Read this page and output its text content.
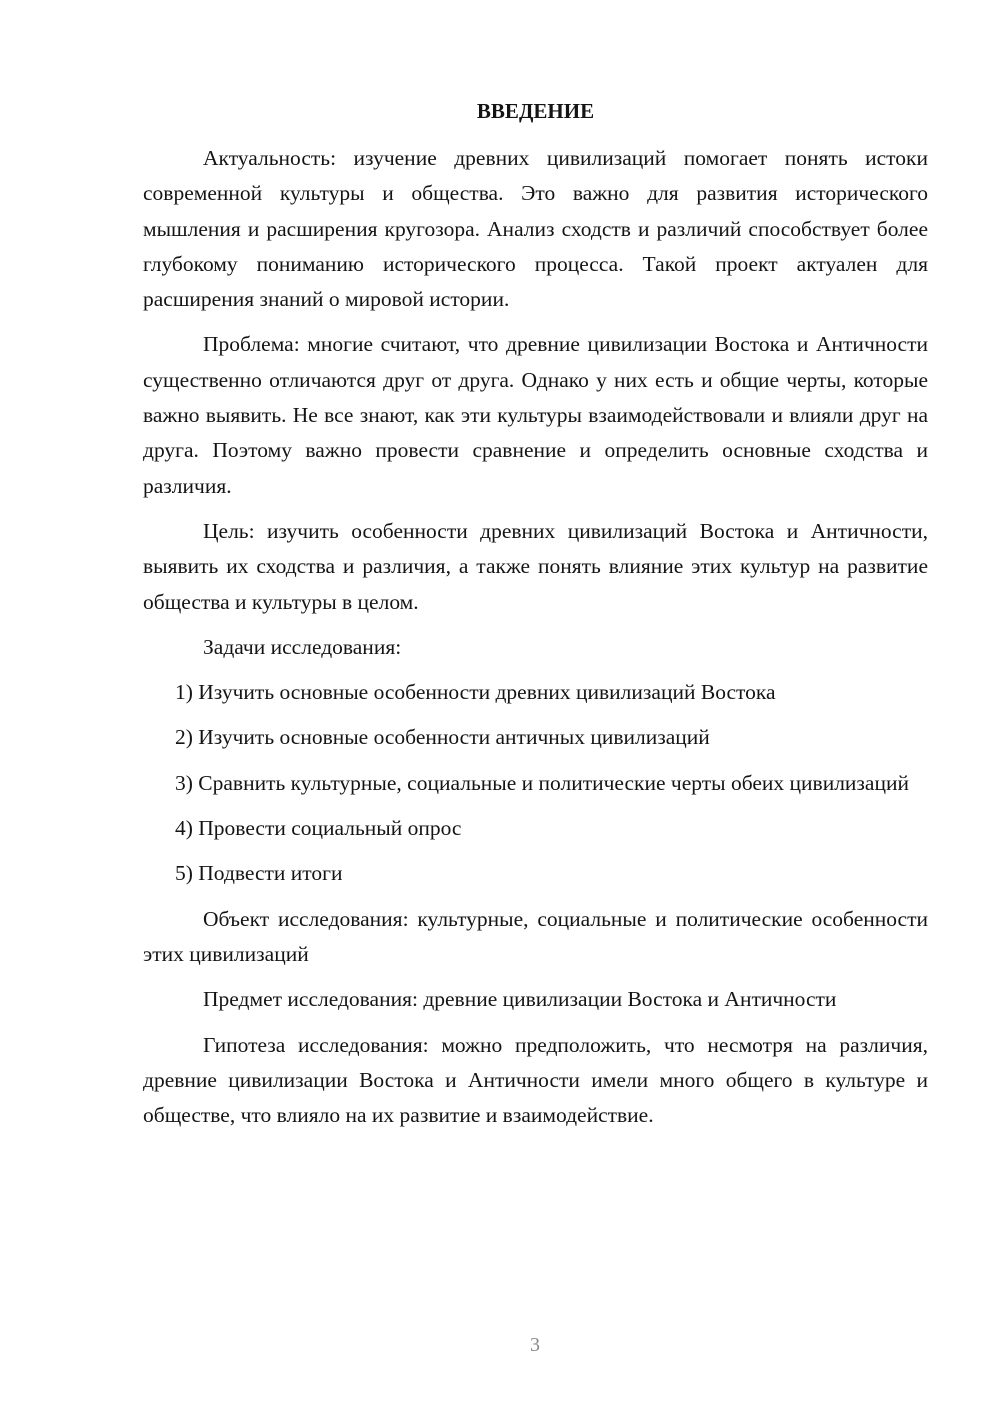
ВВЕДЕНИЕ

Актуальность: изучение древних цивилизаций помогает понять истоки современной культуры и общества. Это важно для развития исторического мышления и расширения кругозора. Анализ сходств и различий способствует более глубокому пониманию исторического процесса. Такой проект актуален для расширения знаний о мировой истории.

Проблема: многие считают, что древние цивилизации Востока и Античности существенно отличаются друг от друга. Однако у них есть и общие черты, которые важно выявить. Не все знают, как эти культуры взаимодействовали и влияли друг на друга. Поэтому важно провести сравнение и определить основные сходства и различия.

Цель: изучить особенности древних цивилизаций Востока и Античности, выявить их сходства и различия, а также понять влияние этих культур на развитие общества и культуры в целом.

Задачи исследования:

1) Изучить основные особенности древних цивилизаций Востока

2) Изучить основные особенности античных цивилизаций

3) Сравнить культурные, социальные и политические черты обеих цивилизаций

4) Провести социальный опрос

5) Подвести итоги

Объект исследования: культурные, социальные и политические особенности этих цивилизаций

Предмет исследования: древние цивилизации Востока и Античности

Гипотеза исследования: можно предположить, что несмотря на различия, древние цивилизации Востока и Античности имели много общего в культуре и обществе, что влияло на их развитие и взаимодействие.

3
